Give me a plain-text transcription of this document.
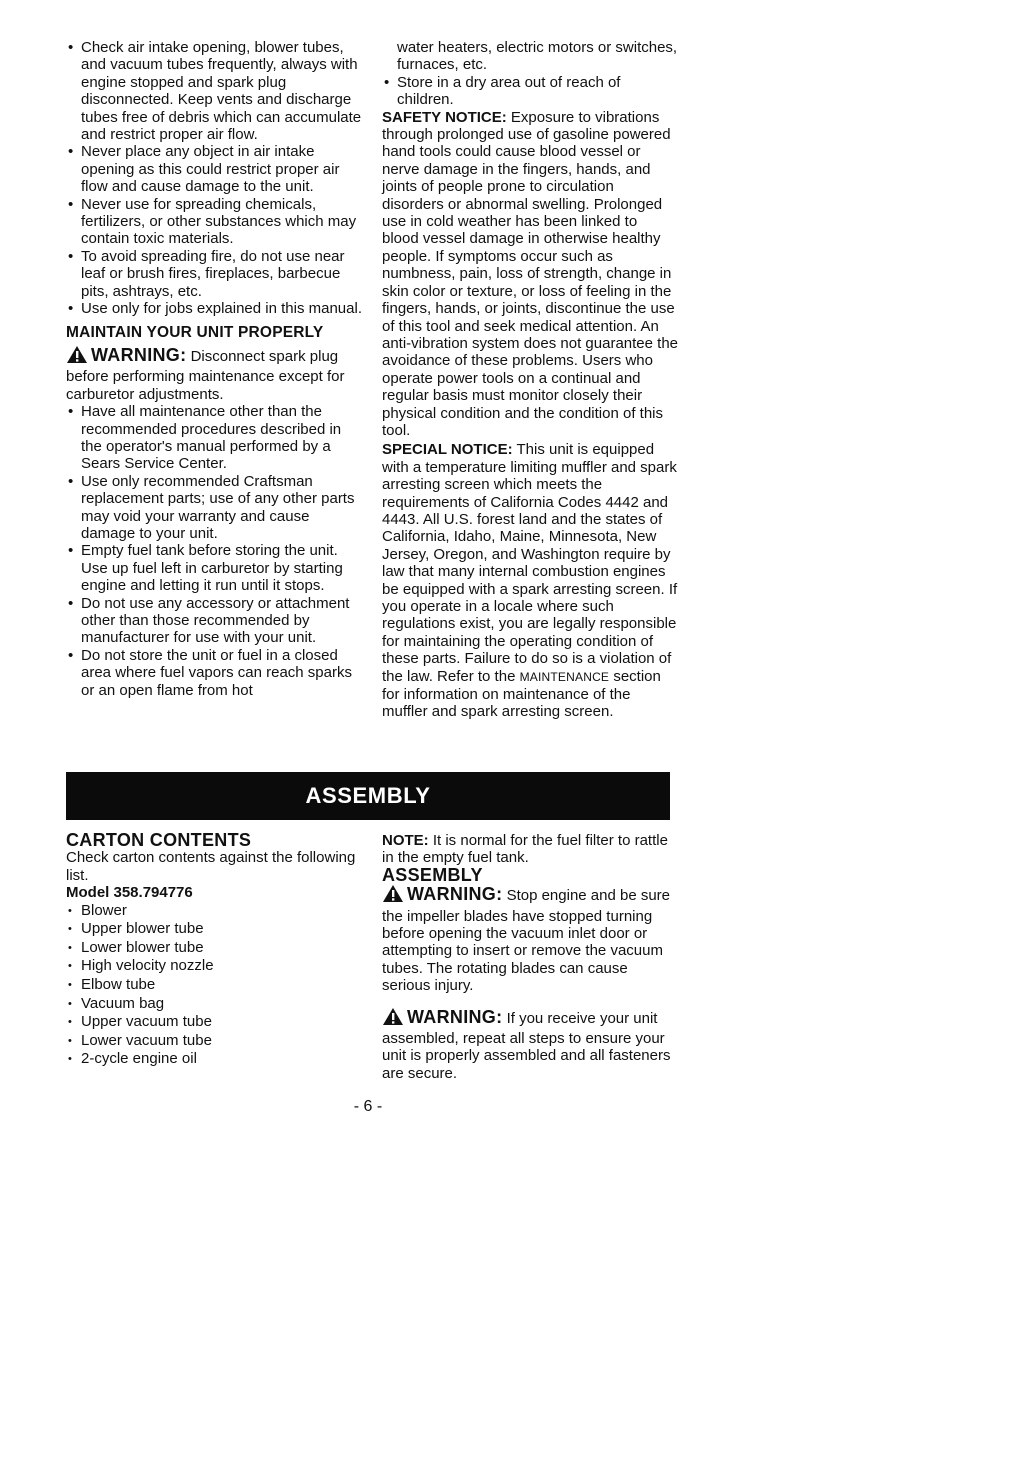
• Check air intake opening, blower tubes, and vacuum tubes frequently, always with engine stopped and spark plug disconnected. Keep vents and discharge tubes free of debris which can accumulate and restrict proper air flow.
• Never place any object in air intake opening as this could restrict proper air flow and cause damage to the unit.
• Never use for spreading chemicals, fertilizers, or other substances which may contain toxic materials.
• To avoid spreading fire, do not use near leaf or brush fires, fireplaces, barbecue pits, ashtrays, etc.
• Use only for jobs explained in this manual.
MAINTAIN YOUR UNIT PROPERLY

WARNING: Disconnect spark plug before performing maintenance except for carburetor adjustments.

• Have all maintenance other than the recommended procedures described in the operator's manual performed by a Sears Service Center.
• Use only recommended Craftsman replacement parts; use of any other parts may void your warranty and cause damage to your unit.
• Empty fuel tank before storing the unit. Use up fuel left in carburetor by starting engine and letting it run until it stops.
• Do not use any accessory or attachment other than those recommended by manufacturer for use with your unit.
• Do not store the unit or fuel in a closed area where fuel vapors can reach sparks or an open flame from hot
water heaters, electric motors or switches, furnaces, etc.
• Store in a dry area out of reach of children.

SAFETY NOTICE: Exposure to vibrations through prolonged use of gasoline powered hand tools could cause blood vessel or nerve damage in the fingers, hands, and joints of people prone to circulation disorders or abnormal swelling. Prolonged use in cold weather has been linked to blood vessel damage in otherwise healthy people. If symptoms occur such as numbness, pain, loss of strength, change in skin color or texture, or loss of feeling in the fingers, hands, or joints, discontinue the use of this tool and seek medical attention. An anti-vibration system does not guarantee the avoidance of these problems. Users who operate power tools on a continual and regular basis must monitor closely their physical condition and the condition of this tool.

SPECIAL NOTICE: This unit is equipped with a temperature limiting muffler and spark arresting screen which meets the requirements of California Codes 4442 and 4443. All U.S. forest land and the states of California, Idaho, Maine, Minnesota, New Jersey, Oregon, and Washington require by law that many internal combustion engines be equipped with a spark arresting screen. If you operate in a locale where such regulations exist, you are legally responsible for maintaining the operating condition of these parts. Failure to do so is a violation of the law. Refer to the MAINTENANCE section for information on maintenance of the muffler and spark arresting screen.

ASSEMBLY
CARTON CONTENTS
Check carton contents against the following list.
Model 358.794776
• Blower
• Upper blower tube
• Lower blower tube
• High velocity nozzle
• Elbow tube
• Vacuum bag
• Upper vacuum tube
• Lower vacuum tube
• 2-cycle engine oil

NOTE: It is normal for the fuel filter to rattle in the empty fuel tank.

ASSEMBLY

WARNING: Stop engine and be sure the impeller blades have stopped turning before opening the vacuum inlet door or attempting to insert or remove the vacuum tubes. The rotating blades can cause serious injury.

WARNING: If you receive your unit assembled, repeat all steps to ensure your unit is properly assembled and all fasteners are secure.

- 6 -
